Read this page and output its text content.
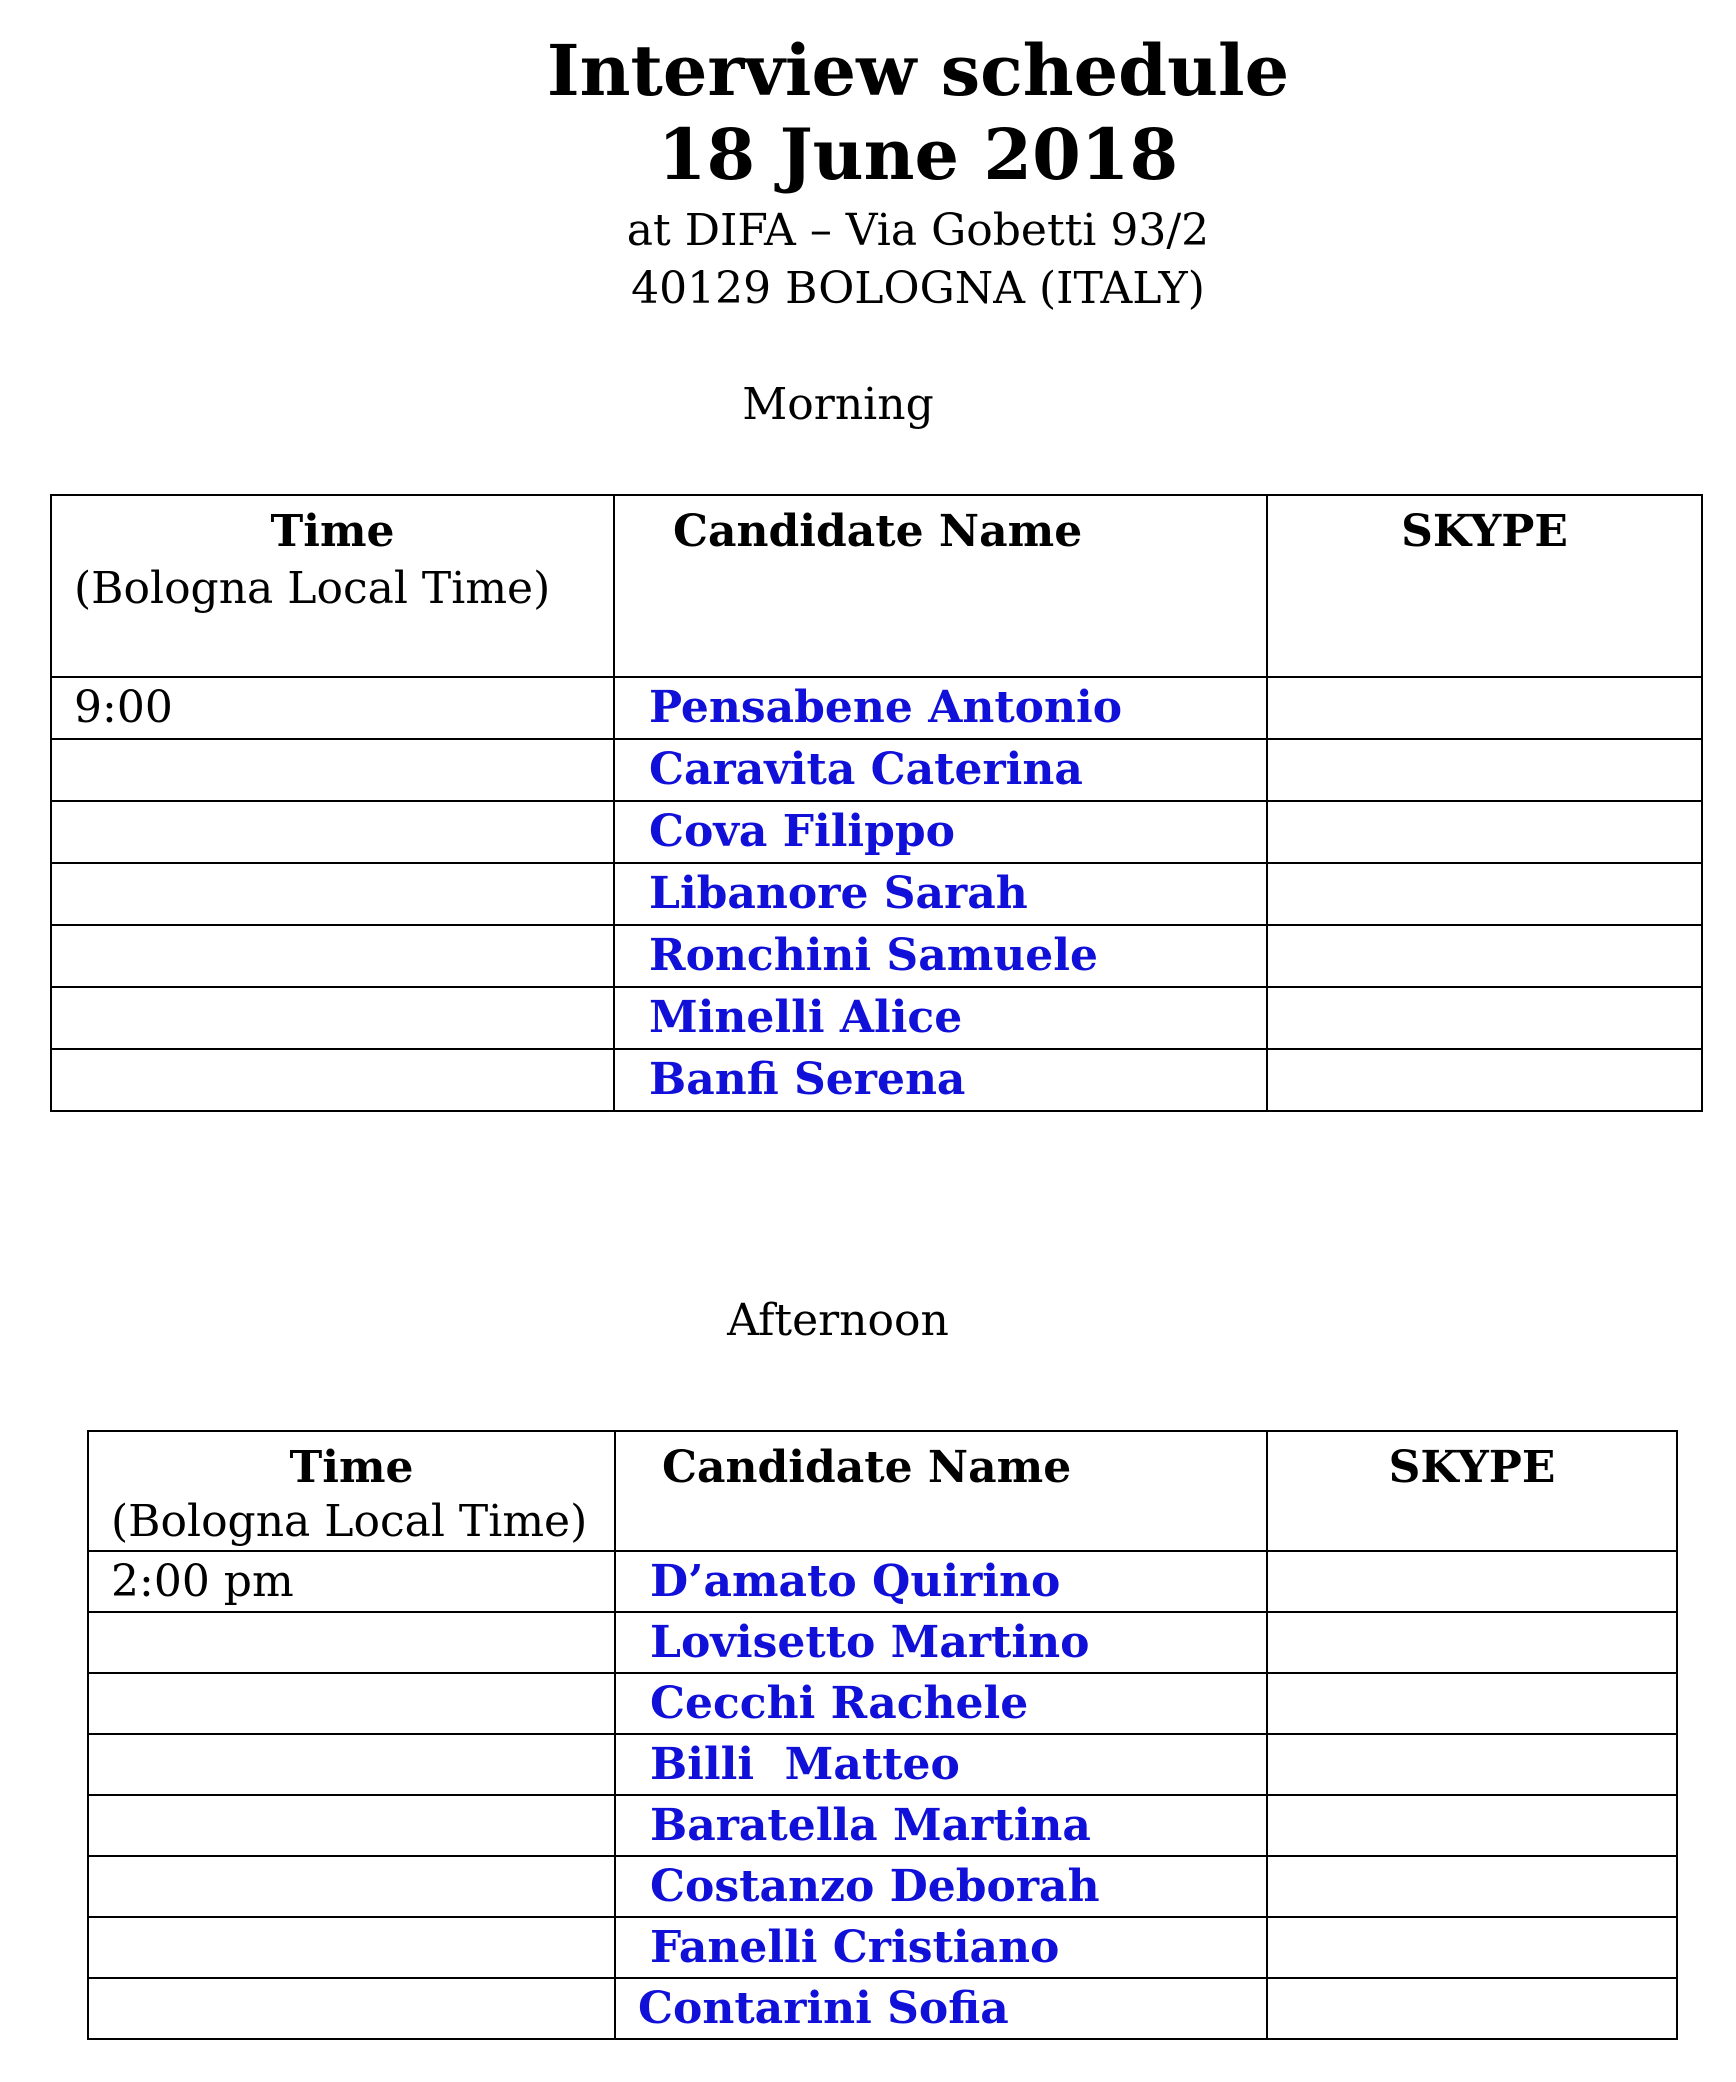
Interview schedule
18 June 2018
at DIFA – Via Gobetti 93/2
40129 BOLOGNA (ITALY)
Morning
Time
(Bologna Local Time)	Candidate Name	SKYPE

9:00	Pensabene Antonio	

	Caravita Caterina	

	Cova Filippo	

	Libanore Sarah	

	Ronchini Samuele	

	Minelli Alice	

	Banfi Serena	

Afternoon
Time
(Bologna Local Time)	Candidate Name	SKYPE

2:00 pm	D’amato Quirino	

	Lovisetto Martino	

	Cecchi Rachele	

	Billi  Matteo	

	Baratella Martina	

	Costanzo Deborah	

	Fanelli Cristiano	

	Contarini Sofia	
